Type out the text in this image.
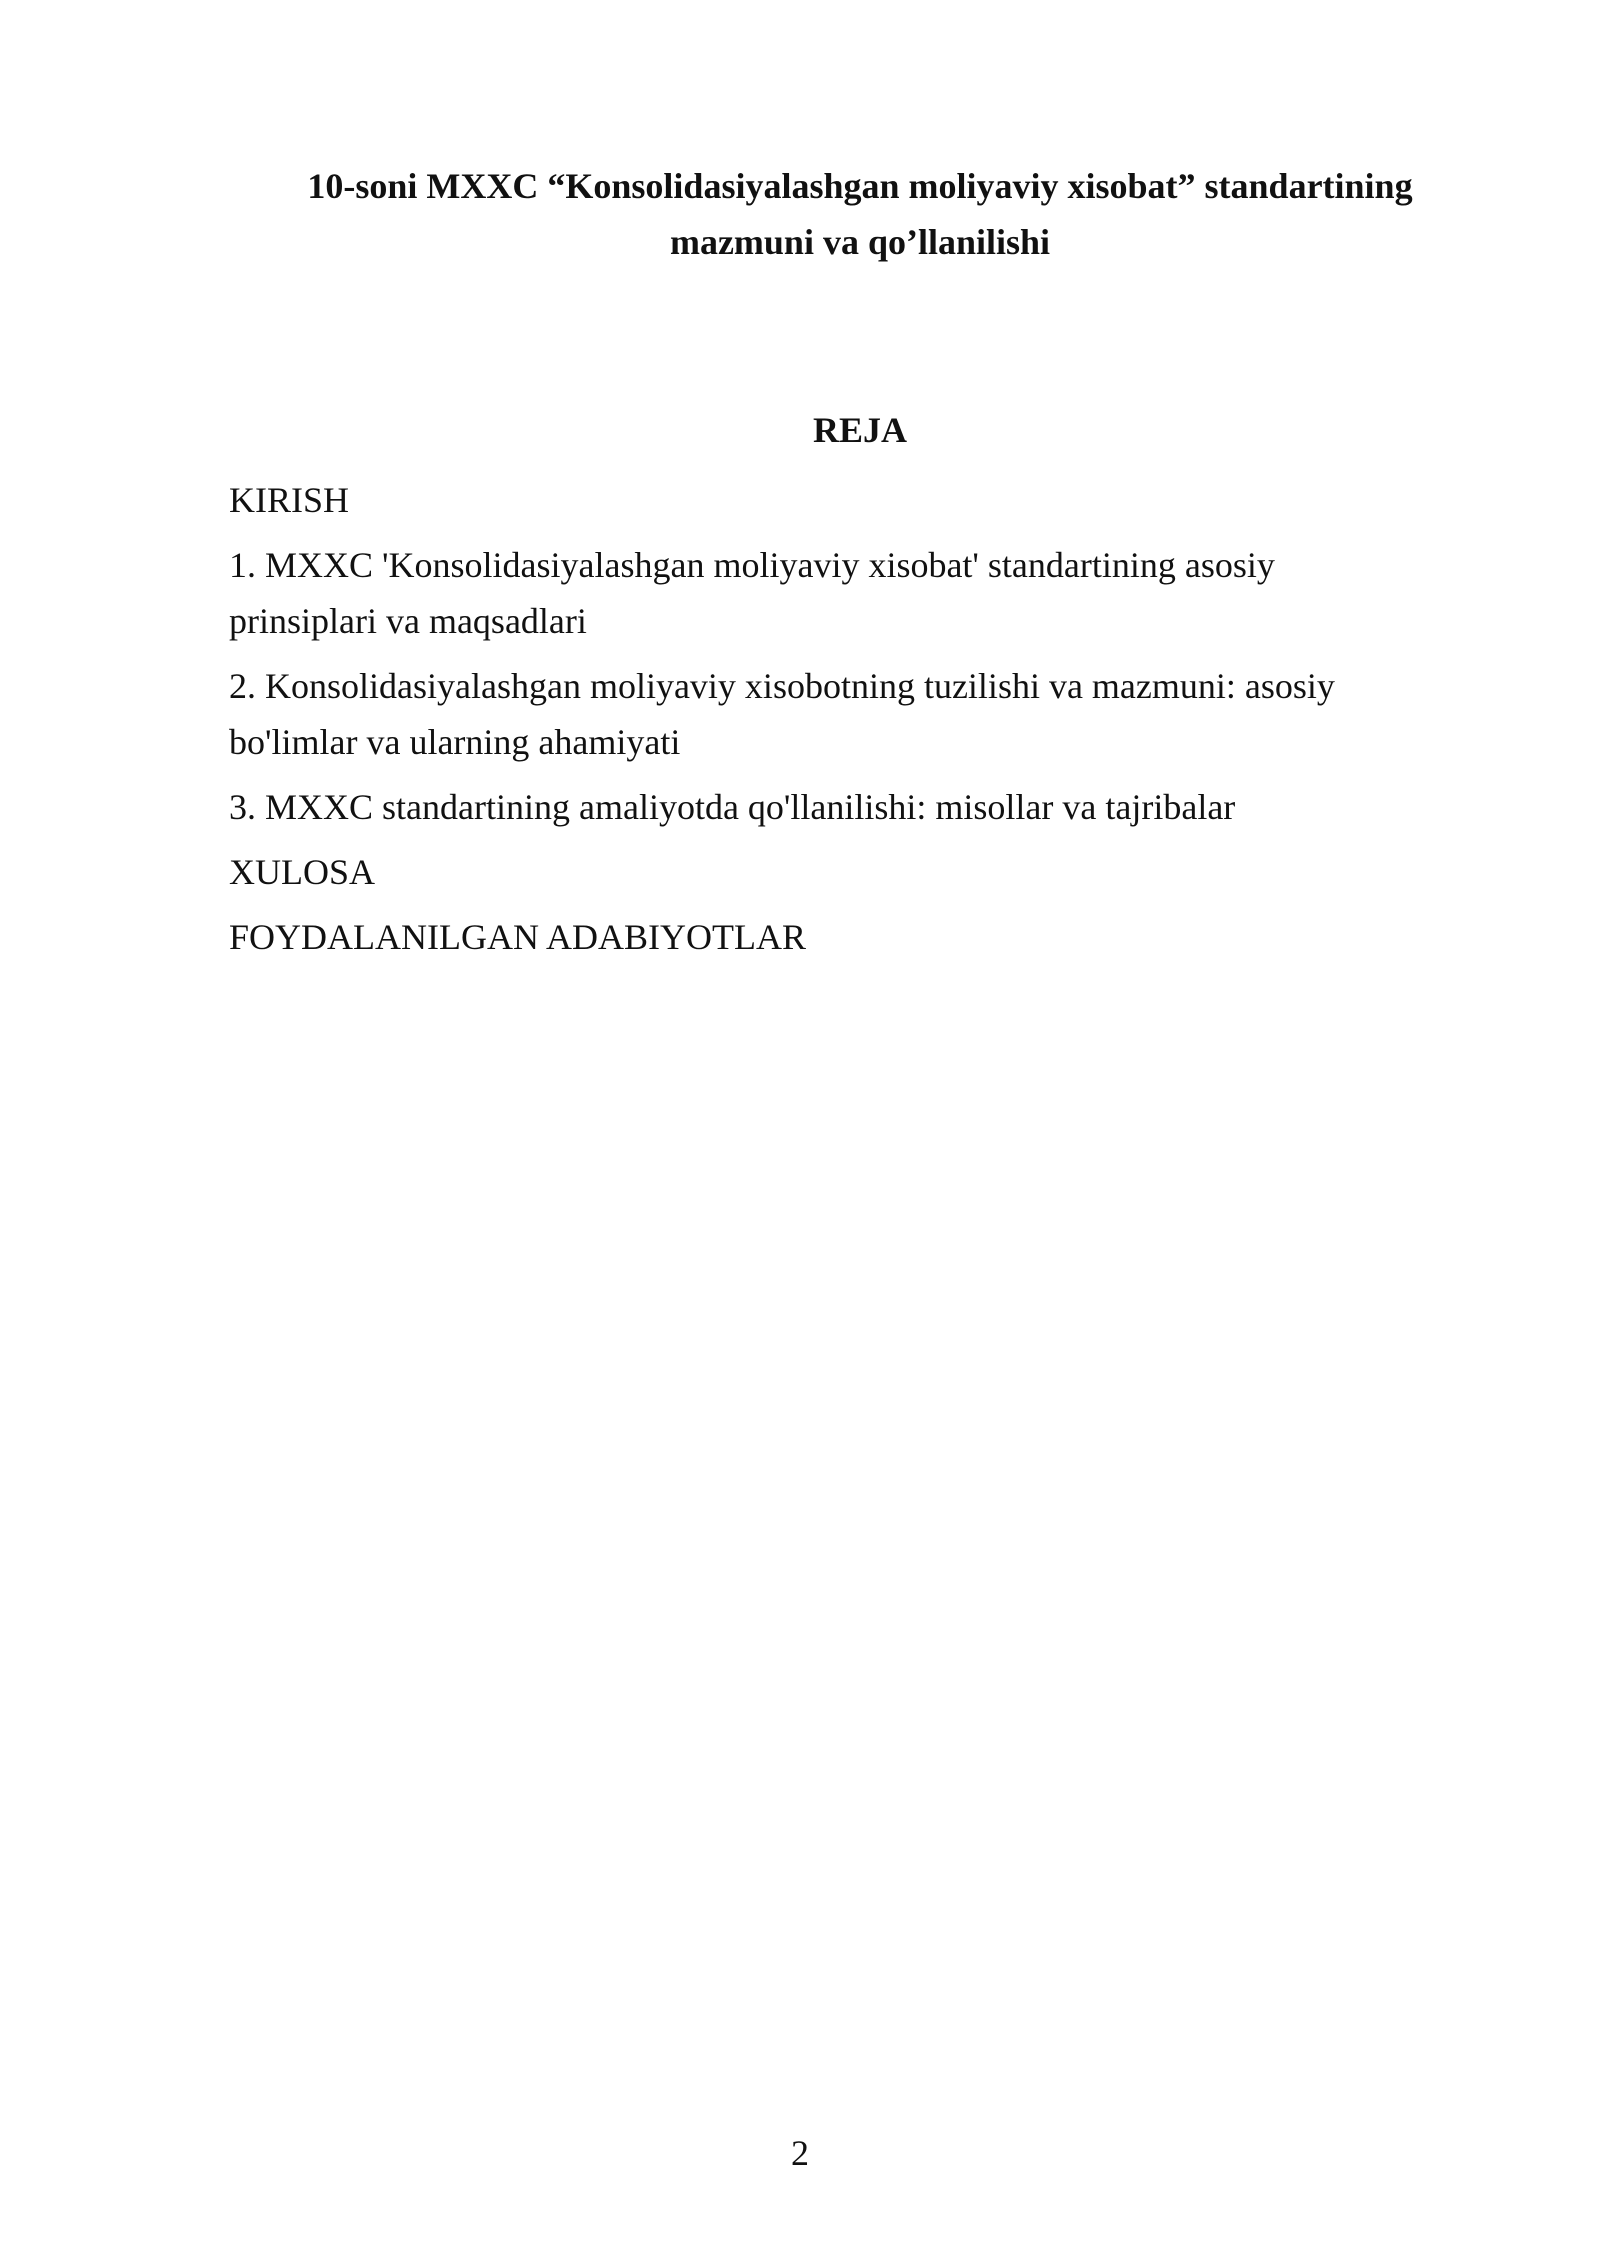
10-soni MXXC “Konsolidasiyalashgan moliyaviy xisobat” standartining
mazmuni va qo’llanilishi
REJA
KIRISH
1. MXXC 'Konsolidasiyalashgan moliyaviy xisobat' standartining asosiy prinsiplari va maqsadlari
2. Konsolidasiyalashgan moliyaviy xisobotning tuzilishi va mazmuni: asosiy bo'limlar va ularning ahamiyati
3. MXXC standartining amaliyotda qo'llanilishi: misollar va tajribalar
XULOSA
FOYDALANILGAN ADABIYOTLAR
2
